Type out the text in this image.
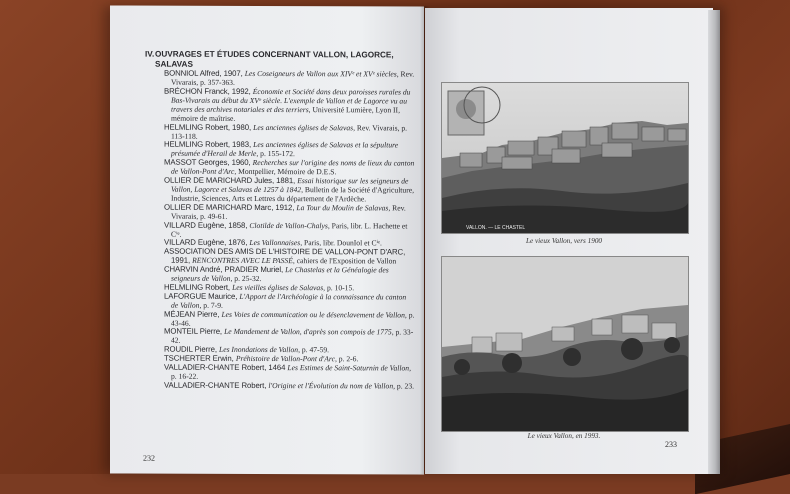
IV.OUVRAGES ET ÉTUDES CONCERNANT VALLON, LAGORCE,
SALAVAS

BONNIOL Alfred, 1907, Les Coseigneurs de Vallon aux XIVᵉ et XVᵉ siècles, Rev. Vivarais, p. 357-363.

BRÉCHON Franck, 1992, Économie et Société dans deux paroisses rurales du Bas-Vivarais au début du XVᵉ siècle. L'exemple de Vallon et de Lagorce vu au travers des archives notariales et des terriers, Université Lumière, Lyon II, mémoire de maîtrise.

HELMLING Robert, 1980, Les anciennes églises de Salavas, Rev. Vivarais, p. 113-118.

HELMLING Robert, 1983, Les anciennes églises de Salavas et la sépulture présumée d'Herail de Merle, p. 155-172.

MASSOT Georges, 1960, Recherches sur l'origine des noms de lieux du canton de Vallon-Pont d'Arc, Montpellier, Mémoire de D.E.S.

OLLIER DE MARICHARD Jules, 1881, Essai historique sur les seigneurs de Vallon, Lagorce et Salavas de 1257 à 1842, Bulletin de la Société d'Agriculture, Industrie, Sciences, Arts et Lettres du département de l'Ardèche.

OLLIER DE MARICHARD Marc, 1912, La Tour du Moulin de Salavas, Rev. Vivarais, p. 49-61.

VILLARD Eugène, 1858, Clotilde de Vallon-Chalys, Paris, libr. L. Hachette et Cⁱᵉ.

VILLARD Eugène, 1876, Les Vallonnaises, Paris, libr. DounIol et Cⁱᵉ.

ASSOCIATION DES AMIS DE L'HISTOIRE DE VALLON-PONT D'ARC, 1991, RENCONTRES AVEC LE PASSÉ, cahiers de l'Exposition de Vallon

CHARVIN André, PRADIER Muriel, Le Chastelas et la Généalogie des seigneurs de Vallon, p. 25-32.

HELMLING Robert, Les vieilles églises de Salavas, p. 10-15.

LAFORGUE Maurice, L'Apport de l'Archéologie à la connaissance du canton de Vallon, p. 7-9.

MÉJEAN Pierre, Les Voies de communication ou le désenclavement de Vallon, p. 43-46.

MONTEIL Pierre, Le Mandement de Vallon, d'après son compois de 1775, p. 33-42.

ROUDIL Pierre, Les Inondations de Vallon, p. 47-59.

TSCHERTER Erwin, Préhistoire de Vallon-Pont d'Arc, p. 2-6.

VALLADIER-CHANTE Robert, 1464 Les Estimes de Saint-Saturnin de Vallon, p. 16-22.

VALLADIER-CHANTE Robert, l'Origine et l'Évolution du nom de Vallon, p. 23.

232
VALLON. — LE CHASTEL
Le vieux Vallon, vers 1900
Le vieux Vallon, en 1993.
233
